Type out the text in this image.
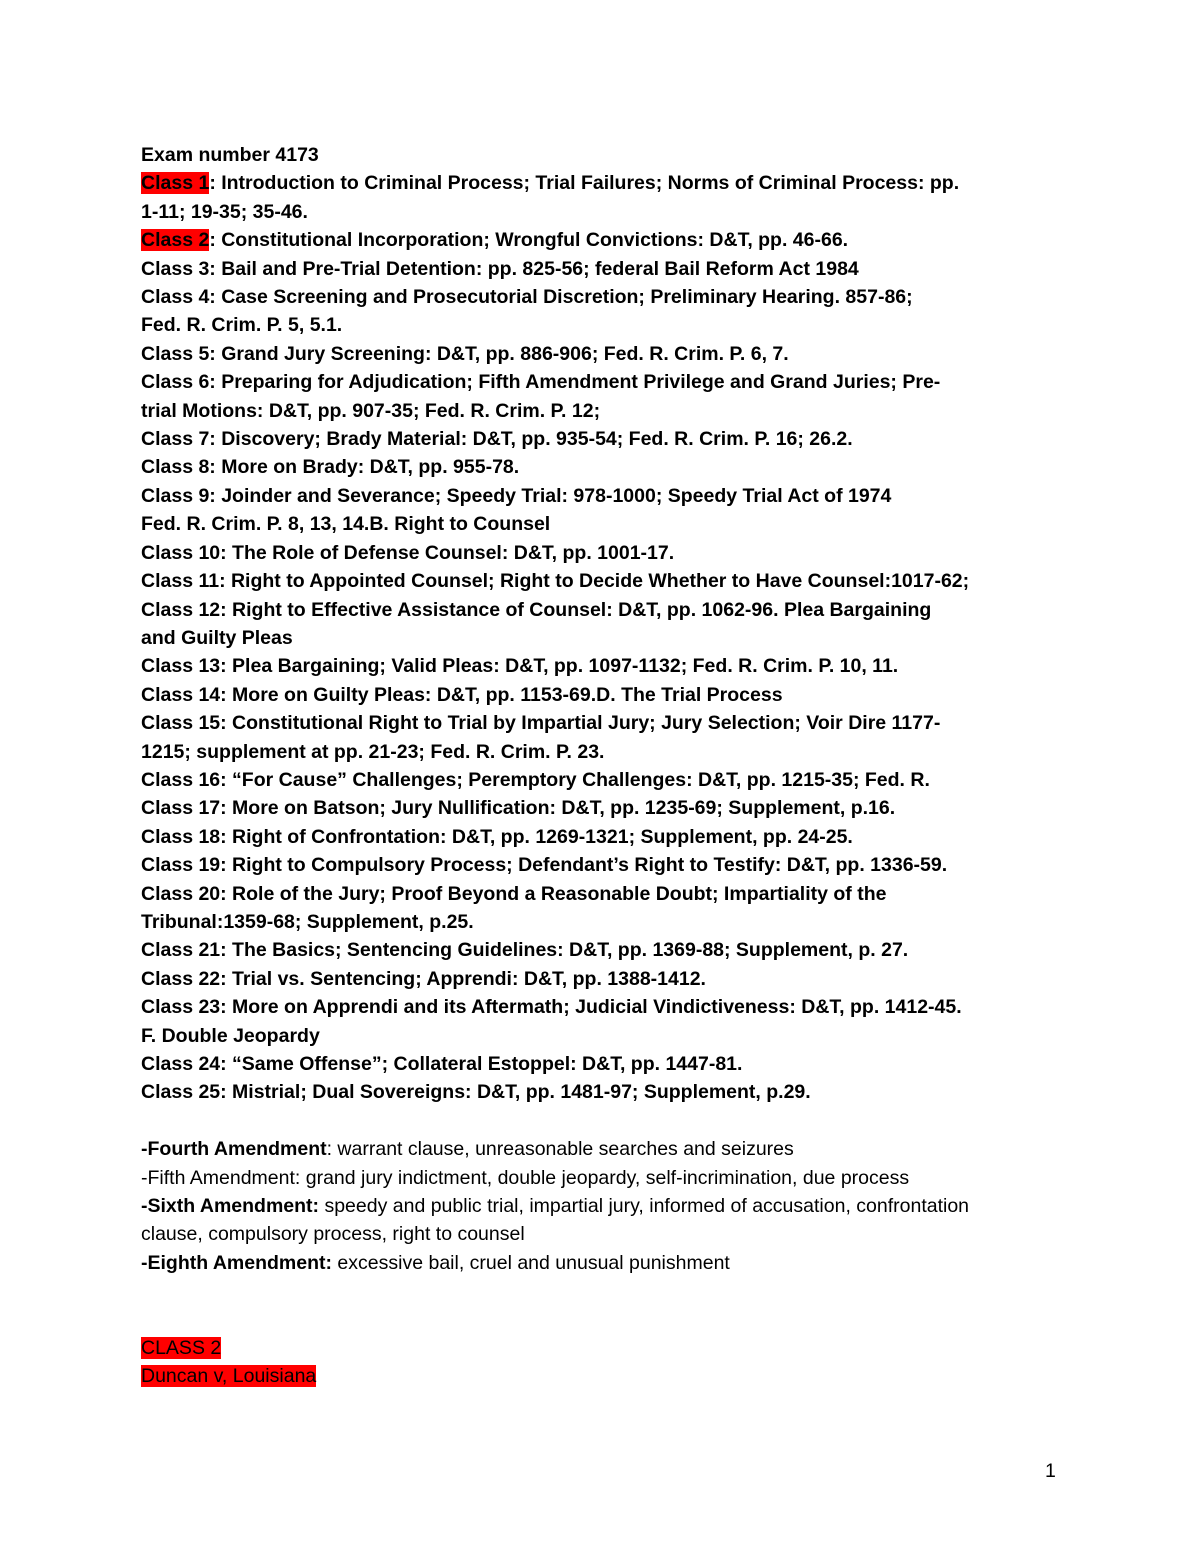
Exam number 4173
Class 1: Introduction to Criminal Process; Trial Failures; Norms of Criminal Process: pp.
1-11; 19-35; 35-46.
Class 2: Constitutional Incorporation; Wrongful Convictions: D&T, pp. 46-66.
Class 3: Bail and Pre-Trial Detention: pp. 825-56; federal Bail Reform Act 1984
Class 4: Case Screening and Prosecutorial Discretion; Preliminary Hearing. 857-86;
Fed. R. Crim. P. 5, 5.1.
Class 5: Grand Jury Screening: D&T, pp. 886-906; Fed. R. Crim. P. 6, 7.
Class 6: Preparing for Adjudication; Fifth Amendment Privilege and Grand Juries; Pre-
trial Motions: D&T, pp. 907-35; Fed. R. Crim. P. 12;
Class 7: Discovery; Brady Material: D&T, pp. 935-54; Fed. R. Crim. P. 16; 26.2.
Class 8: More on Brady: D&T, pp. 955-78.
Class 9: Joinder and Severance; Speedy Trial: 978-1000; Speedy Trial Act of 1974
Fed. R. Crim. P. 8, 13, 14.B. Right to Counsel
Class 10: The Role of Defense Counsel: D&T, pp. 1001-17.
Class 11: Right to Appointed Counsel; Right to Decide Whether to Have Counsel:1017-62;
Class 12: Right to Effective Assistance of Counsel: D&T, pp. 1062-96. Plea Bargaining
and Guilty Pleas
Class 13: Plea Bargaining; Valid Pleas: D&T, pp. 1097-1132; Fed. R. Crim. P. 10, 11.
Class 14: More on Guilty Pleas: D&T, pp. 1153-69.D. The Trial Process
Class 15: Constitutional Right to Trial by Impartial Jury; Jury Selection; Voir Dire 1177-
1215; supplement at pp. 21-23; Fed. R. Crim. P. 23.
Class 16: “For Cause” Challenges; Peremptory Challenges: D&T, pp. 1215-35; Fed. R.
Class 17: More on Batson; Jury Nullification: D&T, pp. 1235-69; Supplement, p.16.
Class 18: Right of Confrontation: D&T, pp. 1269-1321; Supplement, pp. 24-25.
Class 19: Right to Compulsory Process; Defendant’s Right to Testify: D&T, pp. 1336-59.
Class 20: Role of the Jury; Proof Beyond a Reasonable Doubt; Impartiality of the
Tribunal:1359-68; Supplement, p.25.
Class 21: The Basics; Sentencing Guidelines: D&T, pp. 1369-88; Supplement, p. 27.
Class 22: Trial vs. Sentencing; Apprendi: D&T, pp. 1388-1412.
Class 23: More on Apprendi and its Aftermath; Judicial Vindictiveness: D&T, pp. 1412-45.
F. Double Jeopardy
Class 24: “Same Offense”; Collateral Estoppel: D&T, pp. 1447-81.
Class 25: Mistrial; Dual Sovereigns: D&T, pp. 1481-97; Supplement, p.29.
-Fourth Amendment: warrant clause, unreasonable searches and seizures
-Fifth Amendment: grand jury indictment, double jeopardy, self-incrimination, due process
-Sixth Amendment: speedy and public trial, impartial jury, informed of accusation, confrontation
clause, compulsory process, right to counsel
-Eighth Amendment: excessive bail, cruel and unusual punishment
CLASS 2
Duncan v, Louisiana
1
